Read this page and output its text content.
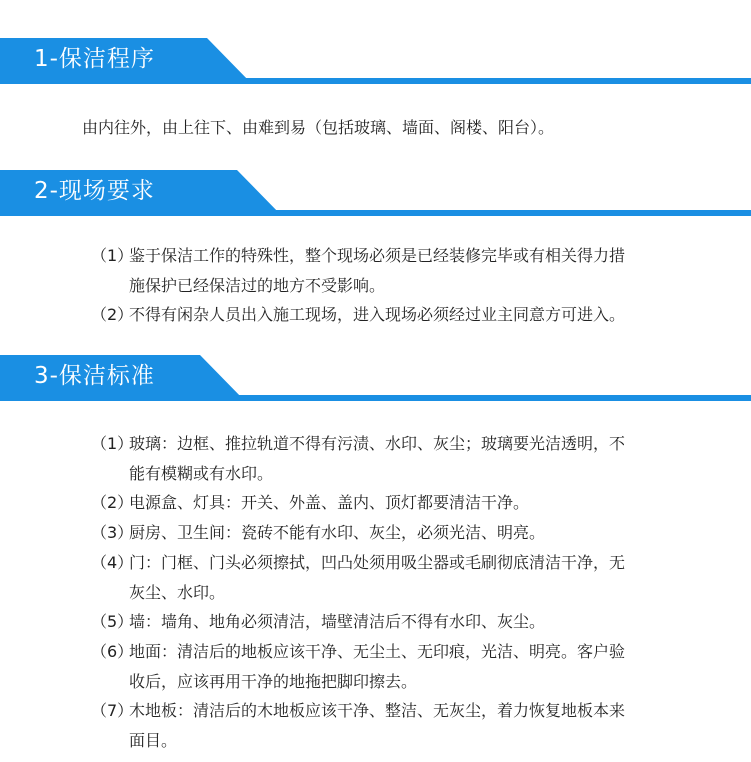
1-保洁程序
由内往外，由上往下、由难到易（包括玻璃、墙面、阁楼、阳台）。
2-现场要求
（1）
鉴于保洁工作的特殊性，整个现场必须是已经装修完毕或有相关得力措
施保护已经保洁过的地方不受影响。
（2）
不得有闲杂人员出入施工现场，进入现场必须经过业主同意方可进入。
3-保洁标准
（1）
玻璃：边框、推拉轨道不得有污渍、水印、灰尘；玻璃要光洁透明，不
能有模糊或有水印。
（2）
电源盒、灯具：开关、外盖、盖内、顶灯都要清洁干净。
（3）
厨房、卫生间：瓷砖不能有水印、灰尘，必须光洁、明亮。
（4）
门：门框、门头必须擦拭，凹凸处须用吸尘器或毛刷彻底清洁干净，无
灰尘、水印。
（5）
墙：墙角、地角必须清洁，墙壁清洁后不得有水印、灰尘。
（6）
地面：清洁后的地板应该干净、无尘土、无印痕，光洁、明亮。客户验
收后，应该再用干净的地拖把脚印擦去。
（7）
木地板：清洁后的木地板应该干净、整洁、无灰尘，着力恢复地板本来
面目。
